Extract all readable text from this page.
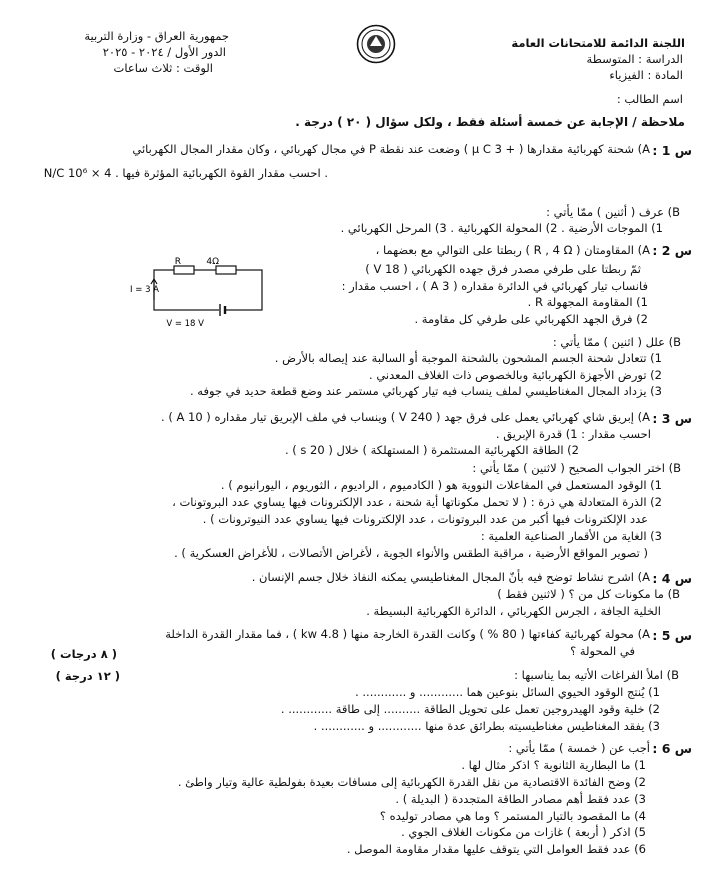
اللجنة الدائمة للامتحانات العامة
الدراسة : المتوسطة
المادة : الفيزياء
اسم الطالب :
جمهورية العراق - وزارة التربية
الدور الأول / ٢٠٢٤ - ٢٠٢٥
الوقت : ثلاث ساعات
ملاحظة / الإجابة عن خمسة أسئلة فقط ، ولكل سؤال ( ٢٠ ) درجة .
س 1 :
A) شحنة كهربائية مقدارها ( + 3 μ C ) وضعت عند نقطة P في مجال كهربائي ، وكان مقدار المجال الكهربائي
. احسب مقدار القوة الكهربائية المؤثرة فيها . 4 × 10⁶ N/C
B) عرف ( أثنين ) ممّا يأتي :
1) الموجات الأرضية . 2) المحولة الكهربائية . 3) المرحل الكهربائي .
س 2 :
A) المقاومتان ( R , 4 Ω ) ربطتا على التوالي مع بعضهما ،
ثمّ ربطتا على طرفي مصدر فرق جهده الكهربائي ( 18 V )
فانساب تيار كهربائي في الدائرة مقداره ( 3 A ) ، احسب مقدار :
1) المقاومة المجهولة R .
2) فرق الجهد الكهربائي على طرفي كل مقاومة .
R	4Ω
I = 3 A
V = 18 V
B) علل ( اثنين ) ممّا يأتي :
1) تتعادل شحنة الجسم المشحون بالشحنة الموجبة أو السالبة عند إيصاله بالأرض .
2) تورض الأجهزة الكهربائية وبالخصوص ذات الغلاف المعدني .
3) يزداد المجال المغناطيسي لملف ينساب فيه تيار كهربائي مستمر عند وضع قطعة حديد في جوفه .
س 3 :
A) إبريق شاي كهربائي يعمل على فرق جهد ( 240 V ) وينساب في ملف الإبريق تيار مقداره ( 10 A ) .
احسب مقدار : 1) قدرة الإبريق .
2) الطاقة الكهربائية المستثمرة ( المستهلكة ) خلال ( 20 s ) .
B) اختر الجواب الصحيح ( لاثنين ) ممّا يأتي :
1) الوقود المستعمل في المفاعلات النووية هو ( الكادميوم ، الراديوم ، الثوريوم ، اليورانيوم ) .
2) الذرة المتعادلة هي ذرة : ( لا تحمل مكوناتها أية شحنة ، عدد الإلكترونات فيها يساوي عدد البروتونات ،
عدد الإلكترونات فيها أكبر من عدد البروتونات ، عدد الإلكترونات فيها يساوي عدد النيوترونات ) .
3) الغاية من الأقمار الصناعية العلمية :
( تصوير المواقع الأرضية ، مراقبة الطقس والأنواء الجوية ، لأغراض الأتصالات ، للأغراض العسكرية ) .
س 4 :
A) اشرح نشاط توضح فيه بأنّ المجال المغناطيسي يمكنه النفاذ خلال جسم الإنسان .
B) ما مكونات كل من ؟ ( لاثنين فقط )
الخلية الجافة ، الجرس الكهربائي ، الدائرة الكهربائية البسيطة .
س 5 :
A) محولة كهربائية كفاءتها ( 80 % ) وكانت القدرة الخارجة منها ( 4.8 kw ) ، فما مقدار القدرة الداخلة
في المحولة ؟
( ٨ درجات )
B) املأ الفراغات الأتيه بما يناسبها :
( ١٢ درجة )
1) يُنتج الوقود الحيوي السائل بنوعين هما ............ و ............ .
2) خلية وقود الهيدروجين تعمل على تحويل الطاقة .......... إلى طاقة ............ .
3) يفقد المغناطيس مغناطيسيته بطرائق عدة منها ............ و ............ .
س 6 :
أجب عن ( خمسة ) ممّا يأتي :
1) ما البطارية الثانوية ؟ اذكر مثال لها .
2) وضح الفائدة الاقتصادية من نقل القدرة الكهربائية إلى مسافات بعيدة بفولطية عالية وتيار واطئ .
3) عدد فقط أهم مصادر الطاقة المتجددة ( البديلة ) .
4) ما المقصود بالتيار المستمر ؟ وما هي مصادر توليده ؟
5) اذكر ( أربعة ) غازات من مكونات الغلاف الجوي .
6) عدد فقط العوامل التي يتوقف عليها مقدار مقاومة الموصل .
